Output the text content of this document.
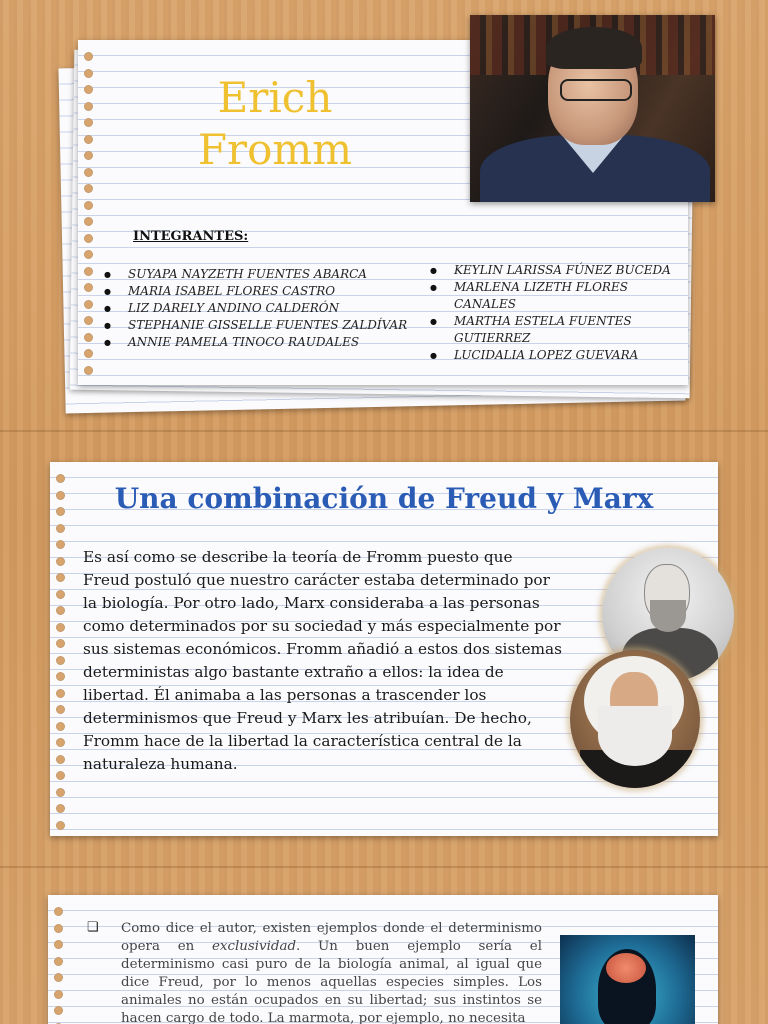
Erich
Fromm
INTEGRANTES:
● SUYAPA NAYZETH FUENTES ABARCA
● MARIA ISABEL FLORES CASTRO
● LIZ DARELY ANDINO CALDERÓN
● STEPHANIE GISSELLE FUENTES ZALDÍVAR
● ANNIE PAMELA TINOCO RAUDALES
● KEYLIN LARISSA FÚNEZ BUCEDA
● MARLENA LIZETH FLORES CANALES
● MARTHA ESTELA FUENTES GUTIERREZ
● LUCIDALIA LOPEZ GUEVARA
Una combinación de Freud y Marx
Es así como se describe la teoría de Fromm puesto que Freud postuló que nuestro carácter estaba determinado por la biología. Por otro lado, Marx consideraba a las personas como determinados por su sociedad y más especialmente por sus sistemas económicos. Fromm añadió a estos dos sistemas deterministas algo bastante extraño a ellos: la idea de libertad. Él animaba a las personas a trascender los determinismos que Freud y Marx les atribuían. De hecho, Fromm hace de la libertad la característica central de la naturaleza humana.
❏ Como dice el autor, existen ejemplos donde el determinismo opera en exclusividad. Un buen ejemplo sería el determinismo casi puro de la biología animal, al igual que dice Freud, por lo menos aquellas especies simples. Los animales no están ocupados en su libertad; sus instintos se hacen cargo de todo. La marmota, por ejemplo, no necesita
